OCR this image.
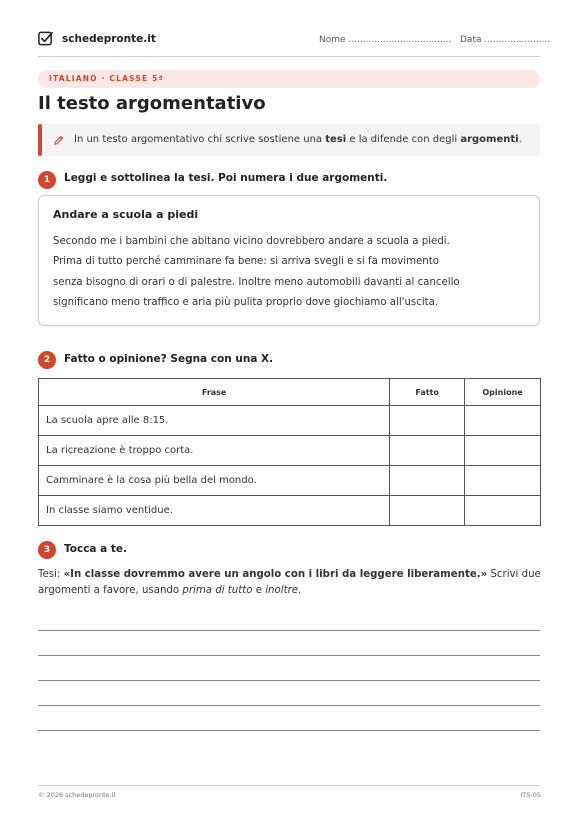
schedepronte.it	Nome .................................... Data .......................
ITALIANO · CLASSE 5ª
Il testo argomentativo
In un testo argomentativo chi scrive sostiene una tesi e la difende con degli argomenti.
1	Leggi e sottolinea la tesi. Poi numera i due argomenti.
Andare a scuola a piedi
Secondo me i bambini che abitano vicino dovrebbero andare a scuola a piedi.
Prima di tutto perché camminare fa bene: si arriva svegli e si fa movimento
senza bisogno di orari o di palestre. Inoltre meno automobili davanti al cancello
significano meno traffico e aria più pulita proprio dove giochiamo all'uscita.
2	Fatto o opinione? Segna con una X.
Frase	Fatto	Opinione
La scuola apre alle 8:15.		
La ricreazione è troppo corta.		
Camminare è la cosa più bella del mondo.		
In classe siamo ventidue.		
3	Tocca a te.
Tesi: «In classe dovremmo avere un angolo con i libri da leggere liberamente.» Scrivi due argomenti a favore, usando prima di tutto e inoltre.
© 2026 schedepronte.it	ITS-05
